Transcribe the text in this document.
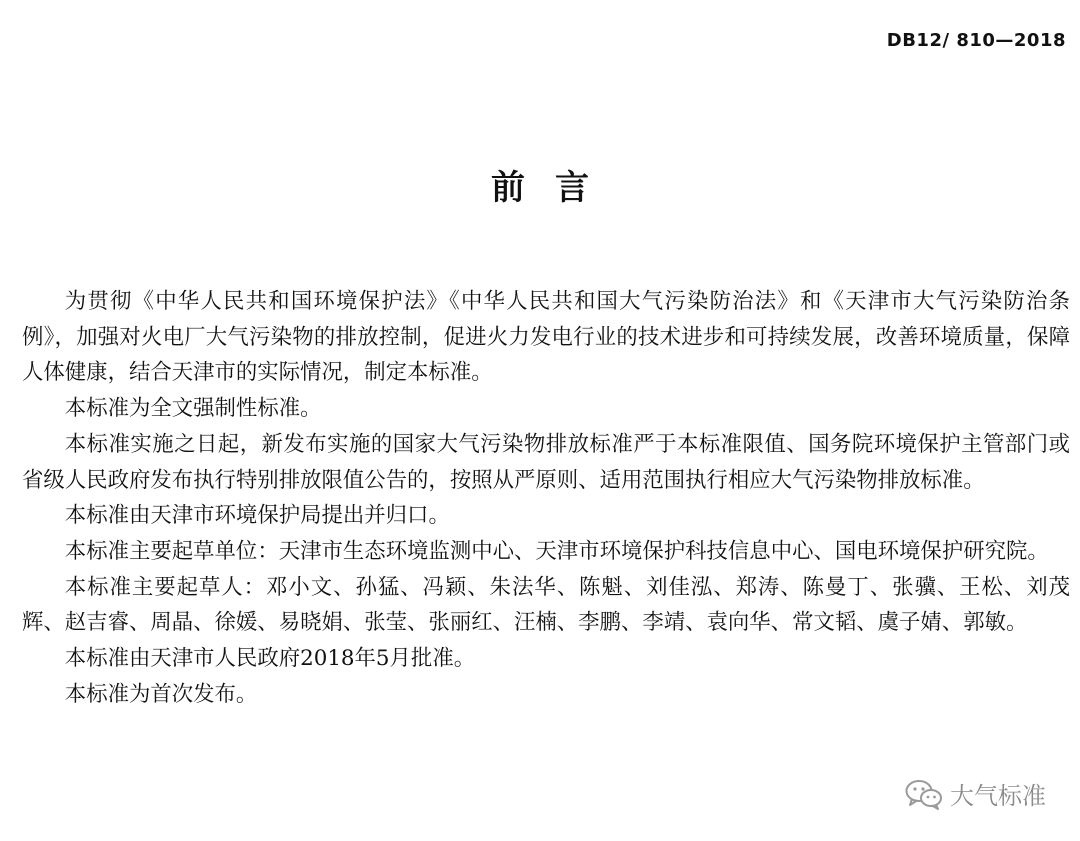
DB12/ 810—2018
前言

为贯彻《中华人民共和国环境保护法》《中华人民共和国大气污染防治法》和《天津市大气污染防治条例》，加强对火电厂大气污染物的排放控制，促进火力发电行业的技术进步和可持续发展，改善环境质量，保障人体健康，结合天津市的实际情况，制定本标准。

本标准为全文强制性标准。

本标准实施之日起，新发布实施的国家大气污染物排放标准严于本标准限值、国务院环境保护主管部门或省级人民政府发布执行特别排放限值公告的，按照从严原则、适用范围执行相应大气污染物排放标准。

本标准由天津市环境保护局提出并归口。

本标准主要起草单位：天津市生态环境监测中心、天津市环境保护科技信息中心、国电环境保护研究院。

本标准主要起草人：邓小文、孙猛、冯颖、朱法华、陈魁、刘佳泓、郑涛、陈曼丁、张骥、王松、刘茂辉、赵吉睿、周晶、徐媛、易晓娟、张莹、张丽红、汪楠、李鹏、李靖、袁向华、常文韬、虞子婧、郭敏。

本标准由天津市人民政府2018年5月批准。

本标准为首次发布。

大气标准
